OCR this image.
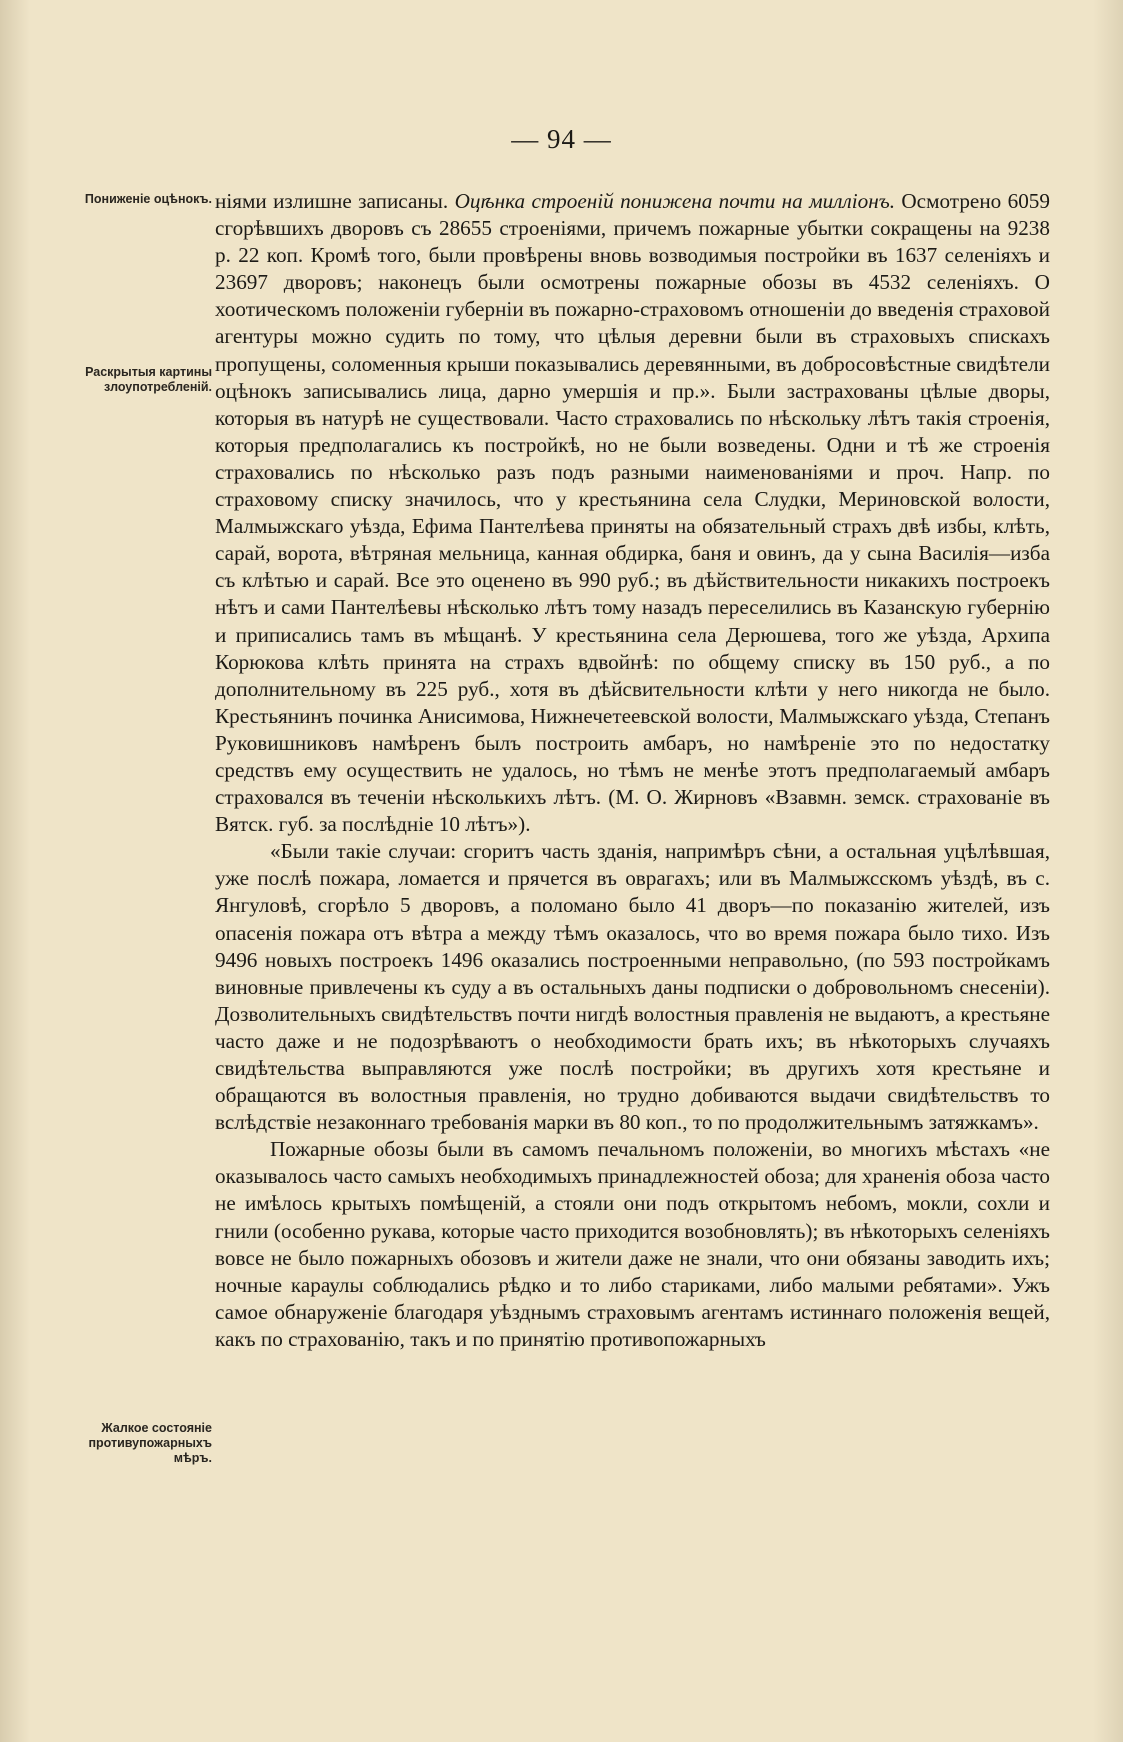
— 94 —
Пониженіе оцѣнокъ.
Раскрытыя картины злоупотребленій.
Жалкое состояніе противупожарныхъ мѣръ.

ніями излишне записаны. Оцѣнка строеній понижена почти на милліонъ. Осмотрено 6059 сгорѣвшихъ дворовъ съ 28655 строеніями, причемъ пожарные убытки сокращены на 9238 р. 22 коп. Кромѣ того, были провѣрены вновь возводимыя постройки въ 1637 селеніяхъ и 23697 дворовъ; наконецъ были осмотрены пожарные обозы въ 4532 селеніяхъ. О хоотическомъ положеніи губерніи въ пожарно-страховомъ отношеніи до введенія страховой агентуры можно судить по тому, что цѣлыя деревни были въ страховыхъ спискахъ пропущены, соломенныя крыши показывались деревянными, въ добросовѣстные свидѣтели оцѣнокъ записывались лица, дарно умершія и пр.». Были застрахованы цѣлые дворы, которыя въ натурѣ не существовали. Часто страховались по нѣскольку лѣтъ такія строенія, которыя предполагались къ постройкѣ, но не были возведены. Одни и тѣ же строенія страховались по нѣсколько разъ подъ разными наименованіями и проч. Напр. по страховому списку значилось, что у крестьянина села Слудки, Мериновской волости, Малмыжскаго уѣзда, Ефима Пантелѣева приняты на обязательный страхъ двѣ избы, клѣть, сарай, ворота, вѣтряная мельница, канная обдирка, баня и овинъ, да у сына Василія—изба съ клѣтью и сарай. Все это оценено въ 990 руб.; въ дѣйствительности никакихъ построекъ нѣтъ и сами Пантелѣевы нѣсколько лѣтъ тому назадъ переселились въ Казанскую губернію и приписались тамъ въ мѣщанѣ. У крестьянина села Дерюшева, того же уѣзда, Архипа Корюкова клѣть принята на страхъ вдвойнѣ: по общему списку въ 150 руб., а по дополнительному въ 225 руб., хотя въ дѣйсвительности клѣти у него никогда не было. Крестьянинъ починка Анисимова, Нижнечетеевской волости, Малмыжскаго уѣзда, Степанъ Руковишниковъ намѣренъ былъ построить амбаръ, но намѣреніе это по недостатку средствъ ему осуществить не удалось, но тѣмъ не менѣе этотъ предполагаемый амбаръ страховался въ теченіи нѣсколькихъ лѣтъ. (М. О. Жирновъ «Взавмн. земск. страхованіе въ Вятск. губ. за послѣдніе 10 лѣтъ»).

«Были такіе случаи: сгоритъ часть зданія, напримѣръ сѣни, а остальная уцѣлѣвшая, уже послѣ пожара, ломается и прячется въ оврагахъ; или въ Малмыжсскомъ уѣздѣ, въ с. Янгуловѣ, сгорѣло 5 дворовъ, а поломано было 41 дворъ—по показанію жителей, изъ опасенія пожара отъ вѣтра а между тѣмъ оказалось, что во время пожара было тихо. Изъ 9496 новыхъ построекъ 1496 оказались построенными неправольно, (по 593 постройкамъ виновные привлечены къ суду а въ остальныхъ даны подписки о добровольномъ снесеніи). Дозволительныхъ свидѣтельствъ почти нигдѣ волостныя правленія не выдаютъ, а крестьяне часто даже и не подозрѣваютъ о необходимости брать ихъ; въ нѣкоторыхъ случаяхъ свидѣтельства выправляются уже послѣ постройки; въ другихъ хотя крестьяне и обращаются въ волостныя правленія, но трудно добиваются выдачи свидѣтельствъ то вслѣдствіе незаконнаго требованія марки въ 80 коп., то по продолжительнымъ затяжкамъ».

Пожарные обозы были въ самомъ печальномъ положеніи, во многихъ мѣстахъ «не оказывалось часто самыхъ необходимыхъ принадлежностей обоза; для храненія обоза часто не имѣлось крытыхъ помѣщеній, а стояли они подъ открытомъ небомъ, мокли, сохли и гнили (особенно рукава, которые часто приходится возобновлять); въ нѣкоторыхъ селеніяхъ вовсе не было пожарныхъ обозовъ и жители даже не знали, что они обязаны заводить ихъ; ночные караулы соблюдались рѣдко и то либо стариками, либо малыми ребятами». Ужъ самое обнаруженіе благодаря уѣзднымъ страховымъ агентамъ истиннаго положенія вещей, какъ по страхованію, такъ и по принятію противопожарныхъ
